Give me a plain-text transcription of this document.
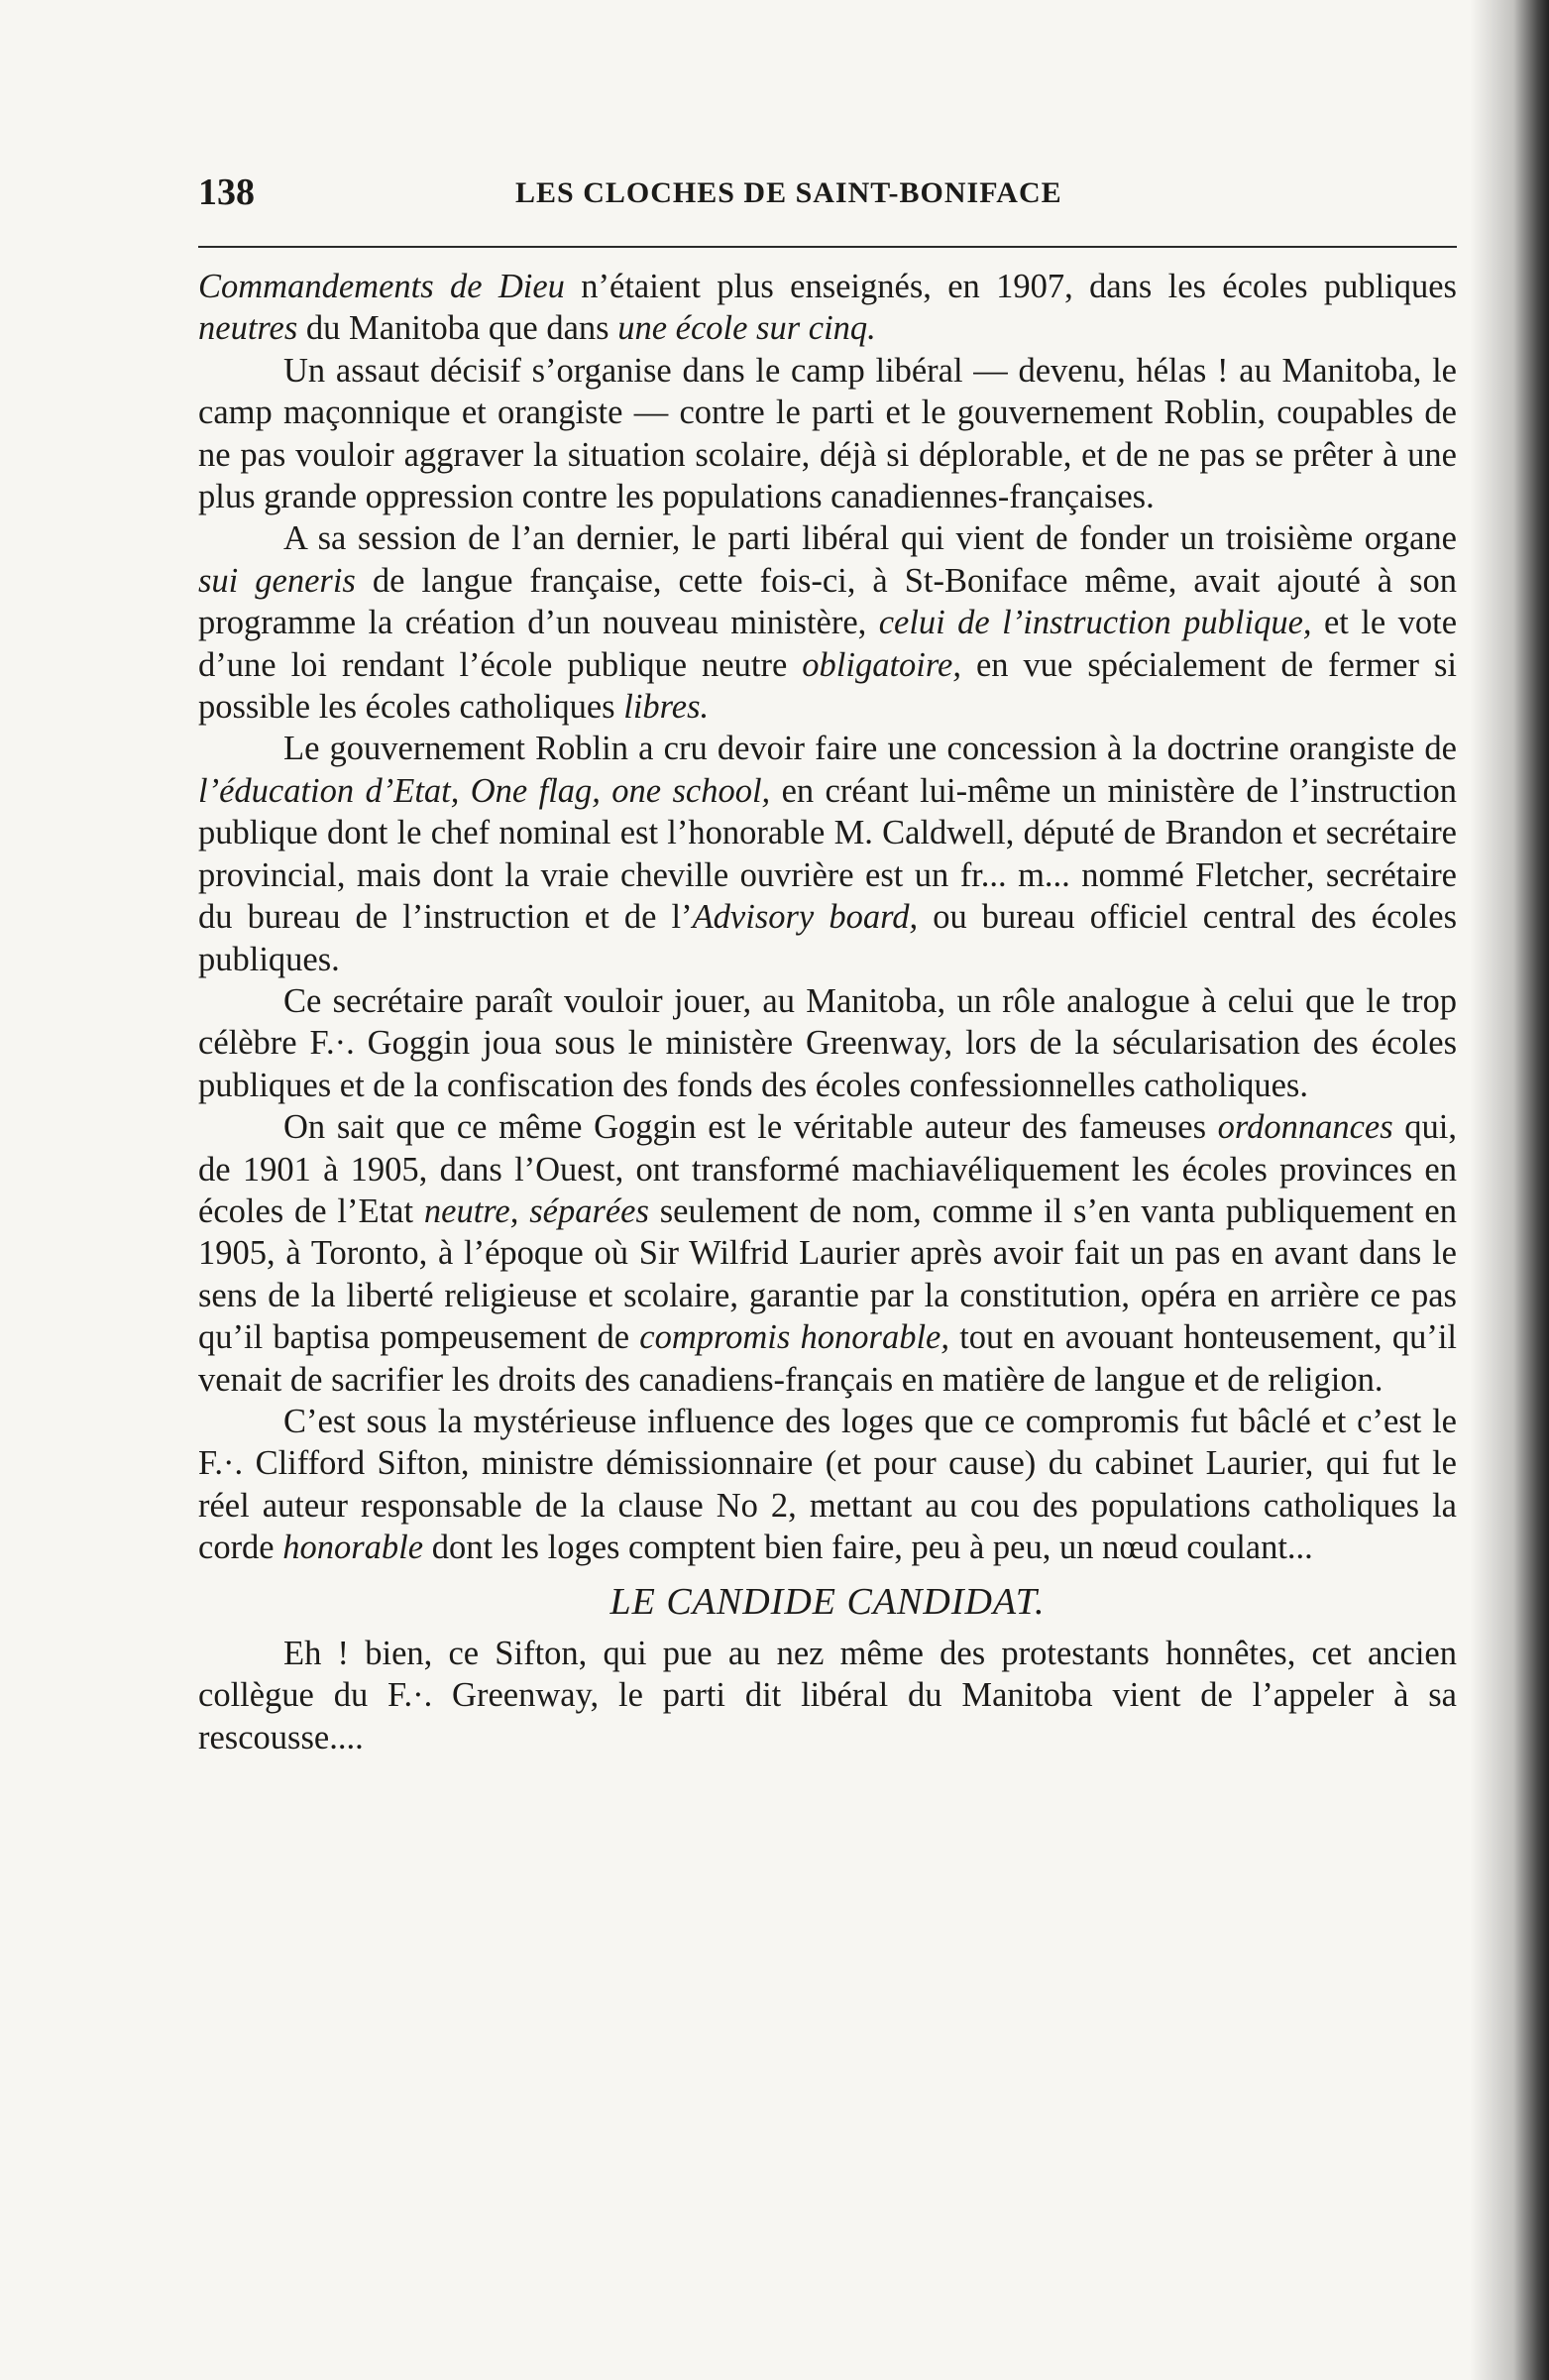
138	LES CLOCHES DE SAINT-BONIFACE

Commandements de Dieu n’étaient plus enseignés, en 1907, dans les écoles publiques neutres du Manitoba que dans une école sur cinq.

Un assaut décisif s’organise dans le camp libéral — devenu, hélas ! au Manitoba, le camp maçonnique et orangiste — contre le parti et le gouvernement Roblin, coupables de ne pas vouloir aggraver la situation scolaire, déjà si déplorable, et de ne pas se prêter à une plus grande oppression contre les populations canadiennes-françaises.

A sa session de l’an dernier, le parti libéral qui vient de fonder un troisième organe sui generis de langue française, cette fois-ci, à St-Boniface même, avait ajouté à son programme la création d’un nouveau ministère, celui de l’instruction publique, et le vote d’une loi rendant l’école publique neutre obligatoire, en vue spécialement de fermer si possible les écoles catholiques libres.

Le gouvernement Roblin a cru devoir faire une concession à la doctrine orangiste de l’éducation d’Etat, One flag, one school, en créant lui-même un ministère de l’instruction publique dont le chef nominal est l’honorable M. Caldwell, député de Brandon et secrétaire provincial, mais dont la vraie cheville ouvrière est un fr... m... nommé Fletcher, secrétaire du bureau de l’instruction et de l’Advisory board, ou bureau officiel central des écoles publiques.

Ce secrétaire paraît vouloir jouer, au Manitoba, un rôle analogue à celui que le trop célèbre F.·. Goggin joua sous le ministère Greenway, lors de la sécularisation des écoles publiques et de la confiscation des fonds des écoles confessionnelles catholiques.

On sait que ce même Goggin est le véritable auteur des fameuses ordonnances qui, de 1901 à 1905, dans l’Ouest, ont transformé machiavéliquement les écoles provinces en écoles de l’Etat neutre, séparées seulement de nom, comme il s’en vanta publiquement en 1905, à Toronto, à l’époque où Sir Wilfrid Laurier après avoir fait un pas en avant dans le sens de la liberté religieuse et scolaire, garantie par la constitution, opéra en arrière ce pas qu’il baptisa pompeusement de compromis honorable, tout en avouant honteusement, qu’il venait de sacrifier les droits des canadiens-français en matière de langue et de religion.

C’est sous la mystérieuse influence des loges que ce compromis fut bâclé et c’est le F.·. Clifford Sifton, ministre démissionnaire (et pour cause) du cabinet Laurier, qui fut le réel auteur responsable de la clause No 2, mettant au cou des populations catholiques la corde honorable dont les loges comptent bien faire, peu à peu, un nœud coulant...

LE CANDIDE CANDIDAT.

Eh ! bien, ce Sifton, qui pue au nez même des protestants honnêtes, cet ancien collègue du F.·. Greenway, le parti dit libéral du Manitoba vient de l’appeler à sa rescousse....
